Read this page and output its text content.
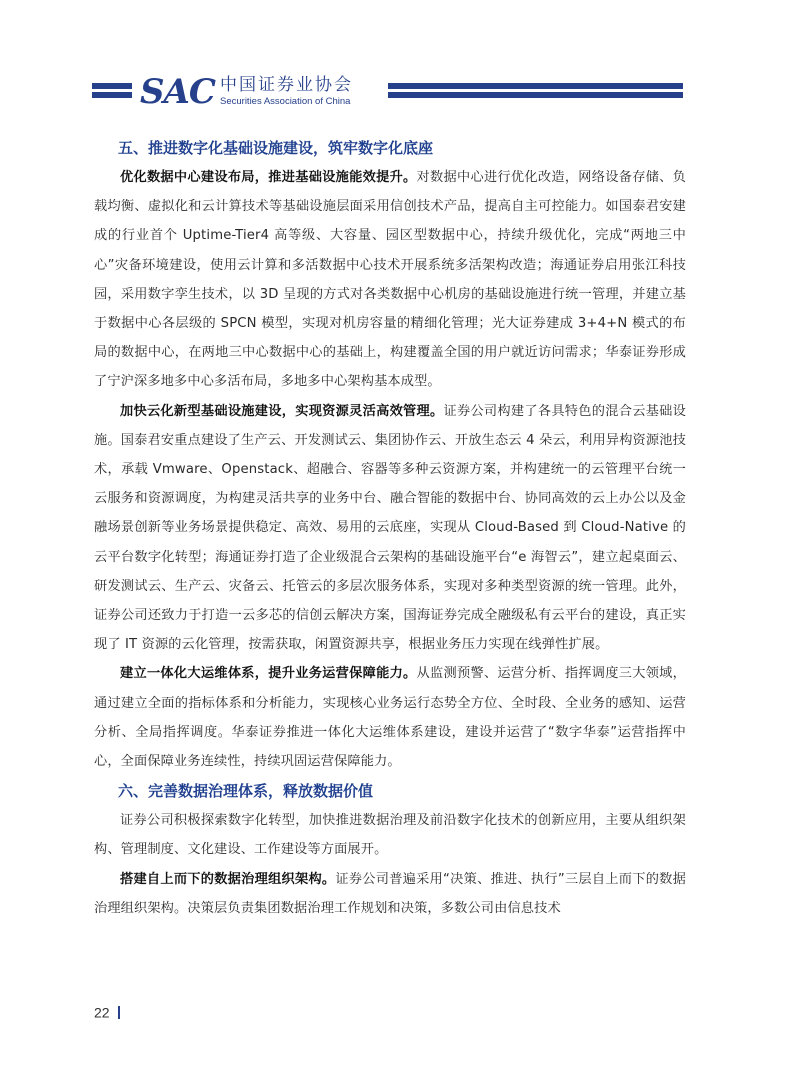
SAC 中国证券业协会
Securities Association of China
五、推进数字化基础设施建设，筑牢数字化底座

优化数据中心建设布局，推进基础设施能效提升。对数据中心进行优化改造，网络设备存储、负载均衡、虚拟化和云计算技术等基础设施层面采用信创技术产品，提高自主可控能力。如国泰君安建成的行业首个 Uptime-Tier4 高等级、大容量、园区型数据中心，持续升级优化，完成“两地三中心”灾备环境建设，使用云计算和多活数据中心技术开展系统多活架构改造；海通证券启用张江科技园，采用数字孪生技术，以 3D 呈现的方式对各类数据中心机房的基础设施进行统一管理，并建立基于数据中心各层级的 SPCN 模型，实现对机房容量的精细化管理；光大证券建成 3+4+N 模式的布局的数据中心，在两地三中心数据中心的基础上，构建覆盖全国的用户就近访问需求；华泰证券形成了宁沪深多地多中心多活布局，多地多中心架构基本成型。

加快云化新型基础设施建设，实现资源灵活高效管理。证券公司构建了各具特色的混合云基础设施。国泰君安重点建设了生产云、开发测试云、集团协作云、开放生态云 4 朵云，利用异构资源池技术，承载 Vmware、Openstack、超融合、容器等多种云资源方案，并构建统一的云管理平台统一云服务和资源调度，为构建灵活共享的业务中台、融合智能的数据中台、协同高效的云上办公以及金融场景创新等业务场景提供稳定、高效、易用的云底座，实现从 Cloud-Based 到 Cloud-Native 的云平台数字化转型；海通证券打造了企业级混合云架构的基础设施平台“e 海智云”，建立起桌面云、研发测试云、生产云、灾备云、托管云的多层次服务体系，实现对多种类型资源的统一管理。此外，证券公司还致力于打造一云多芯的信创云解决方案，国海证券完成全融级私有云平台的建设，真正实现了 IT 资源的云化管理，按需获取，闲置资源共享，根据业务压力实现在线弹性扩展。

建立一体化大运维体系，提升业务运营保障能力。从监测预警、运营分析、指挥调度三大领域，通过建立全面的指标体系和分析能力，实现核心业务运行态势全方位、全时段、全业务的感知、运营分析、全局指挥调度。华泰证券推进一体化大运维体系建设，建设并运营了“数字华泰”运营指挥中心，全面保障业务连续性，持续巩固运营保障能力。

六、完善数据治理体系，释放数据价值

证券公司积极探索数字化转型，加快推进数据治理及前沿数字化技术的创新应用，主要从组织架构、管理制度、文化建设、工作建设等方面展开。

搭建自上而下的数据治理组织架构。证券公司普遍采用“决策、推进、执行”三层自上而下的数据治理组织架构。决策层负责集团数据治理工作规划和决策，多数公司由信息技术

22
